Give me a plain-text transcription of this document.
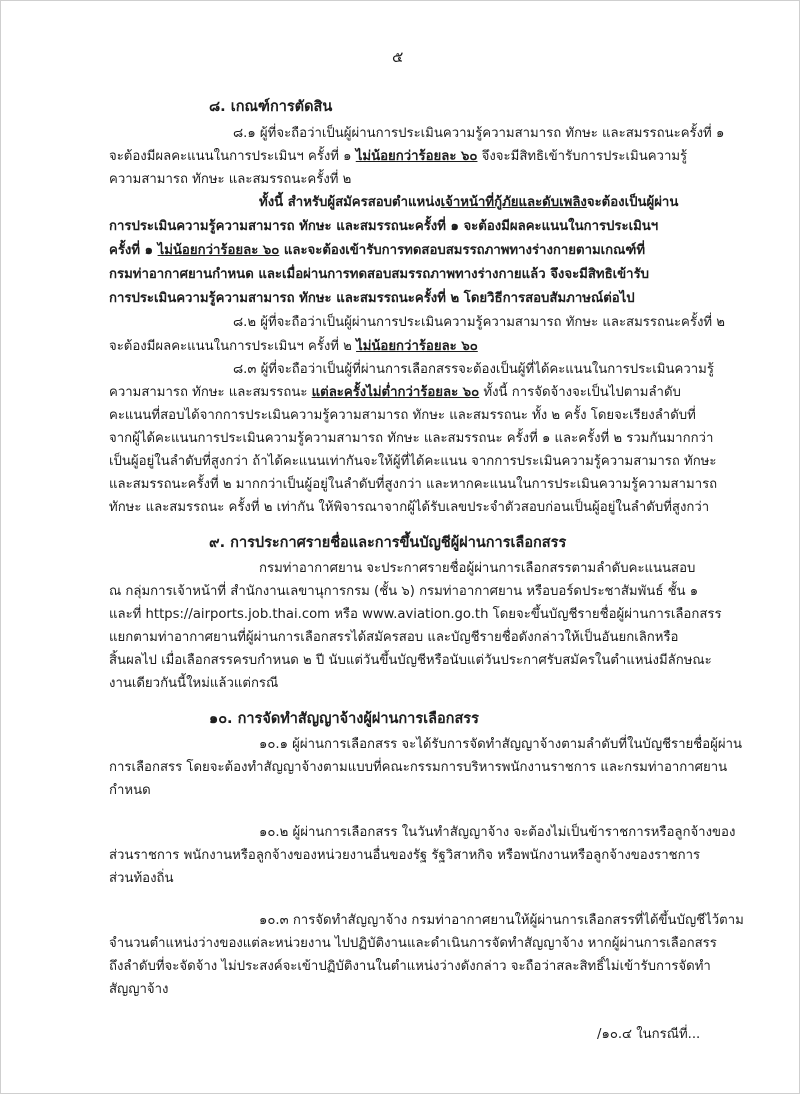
๕
๘. เกณฑ์การตัดสิน
๘.๑ ผู้ที่จะถือว่าเป็นผู้ผ่านการประเมินความรู้ความสามารถ ทักษะ และสมรรถนะครั้งที่ ๑
จะต้องมีผลคะแนนในการประเมินฯ ครั้งที่ ๑ ไม่น้อยกว่าร้อยละ ๖๐ จึงจะมีสิทธิเข้ารับการประเมินความรู้
ความสามารถ ทักษะ และสมรรถนะครั้งที่ ๒
ทั้งนี้ สำหรับผู้สมัครสอบตำแหน่งเจ้าหน้าที่กู้ภัยและดับเพลิงจะต้องเป็นผู้ผ่าน
การประเมินความรู้ความสามารถ ทักษะ และสมรรถนะครั้งที่ ๑ จะต้องมีผลคะแนนในการประเมินฯ
ครั้งที่ ๑ ไม่น้อยกว่าร้อยละ ๖๐ และจะต้องเข้ารับการทดสอบสมรรถภาพทางร่างกายตามเกณฑ์ที่
กรมท่าอากาศยานกำหนด และเมื่อผ่านการทดสอบสมรรถภาพทางร่างกายแล้ว จึงจะมีสิทธิเข้ารับ
การประเมินความรู้ความสามารถ ทักษะ และสมรรถนะครั้งที่ ๒ โดยวิธีการสอบสัมภาษณ์ต่อไป
๘.๒ ผู้ที่จะถือว่าเป็นผู้ผ่านการประเมินความรู้ความสามารถ ทักษะ และสมรรถนะครั้งที่ ๒
จะต้องมีผลคะแนนในการประเมินฯ ครั้งที่ ๒ ไม่น้อยกว่าร้อยละ ๖๐
๘.๓ ผู้ที่จะถือว่าเป็นผู้ที่ผ่านการเลือกสรรจะต้องเป็นผู้ที่ได้คะแนนในการประเมินความรู้
ความสามารถ ทักษะ และสมรรถนะ แต่ละครั้งไม่ต่ำกว่าร้อยละ ๖๐ ทั้งนี้ การจัดจ้างจะเป็นไปตามลำดับ
คะแนนที่สอบได้จากการประเมินความรู้ความสามารถ ทักษะ และสมรรถนะ ทั้ง ๒ ครั้ง โดยจะเรียงลำดับที่
จากผู้ได้คะแนนการประเมินความรู้ความสามารถ ทักษะ และสมรรถนะ ครั้งที่ ๑ และครั้งที่ ๒ รวมกันมากกว่า
เป็นผู้อยู่ในลำดับที่สูงกว่า ถ้าได้คะแนนเท่ากันจะให้ผู้ที่ได้คะแนน จากการประเมินความรู้ความสามารถ ทักษะ
และสมรรถนะครั้งที่ ๒ มากกว่าเป็นผู้อยู่ในลำดับที่สูงกว่า และหากคะแนนในการประเมินความรู้ความสามารถ
ทักษะ และสมรรถนะ ครั้งที่ ๒ เท่ากัน ให้พิจารณาจากผู้ได้รับเลขประจำตัวสอบก่อนเป็นผู้อยู่ในลำดับที่สูงกว่า
๙. การประกาศรายชื่อและการขึ้นบัญชีผู้ผ่านการเลือกสรร
กรมท่าอากาศยาน จะประกาศรายชื่อผู้ผ่านการเลือกสรรตามลำดับคะแนนสอบ
ณ กลุ่มการเจ้าหน้าที่ สำนักงานเลขานุการกรม (ชั้น ๖) กรมท่าอากาศยาน หรือบอร์ดประชาสัมพันธ์ ชั้น ๑
และที่ https://airports.job.thai.com หรือ www.aviation.go.th โดยจะขึ้นบัญชีรายชื่อผู้ผ่านการเลือกสรร
แยกตามท่าอากาศยานที่ผู้ผ่านการเลือกสรรได้สมัครสอบ และบัญชีรายชื่อดังกล่าวให้เป็นอันยกเลิกหรือ
สิ้นผลไป เมื่อเลือกสรรครบกำหนด ๒ ปี นับแต่วันขึ้นบัญชีหรือนับแต่วันประกาศรับสมัครในตำแหน่งมีลักษณะ
งานเดียวกันนี้ใหม่แล้วแต่กรณี
๑๐. การจัดทำสัญญาจ้างผู้ผ่านการเลือกสรร
๑๐.๑ ผู้ผ่านการเลือกสรร จะได้รับการจัดทำสัญญาจ้างตามลำดับที่ในบัญชีรายชื่อผู้ผ่าน
การเลือกสรร โดยจะต้องทำสัญญาจ้างตามแบบที่คณะกรรมการบริหารพนักงานราชการ และกรมท่าอากาศยาน
กำหนด
๑๐.๒ ผู้ผ่านการเลือกสรร ในวันทำสัญญาจ้าง จะต้องไม่เป็นข้าราชการหรือลูกจ้างของ
ส่วนราชการ พนักงานหรือลูกจ้างของหน่วยงานอื่นของรัฐ รัฐวิสาหกิจ หรือพนักงานหรือลูกจ้างของราชการ
ส่วนท้องถิ่น
๑๐.๓ การจัดทำสัญญาจ้าง กรมท่าอากาศยานให้ผู้ผ่านการเลือกสรรที่ได้ขึ้นบัญชีไว้ตาม
จำนวนตำแหน่งว่างของแต่ละหน่วยงาน ไปปฏิบัติงานและดำเนินการจัดทำสัญญาจ้าง หากผู้ผ่านการเลือกสรร
ถึงลำดับที่จะจัดจ้าง ไม่ประสงค์จะเข้าปฏิบัติงานในตำแหน่งว่างดังกล่าว จะถือว่าสละสิทธิ์ไม่เข้ารับการจัดทำ
สัญญาจ้าง
/๑๐.๔ ในกรณีที่...
